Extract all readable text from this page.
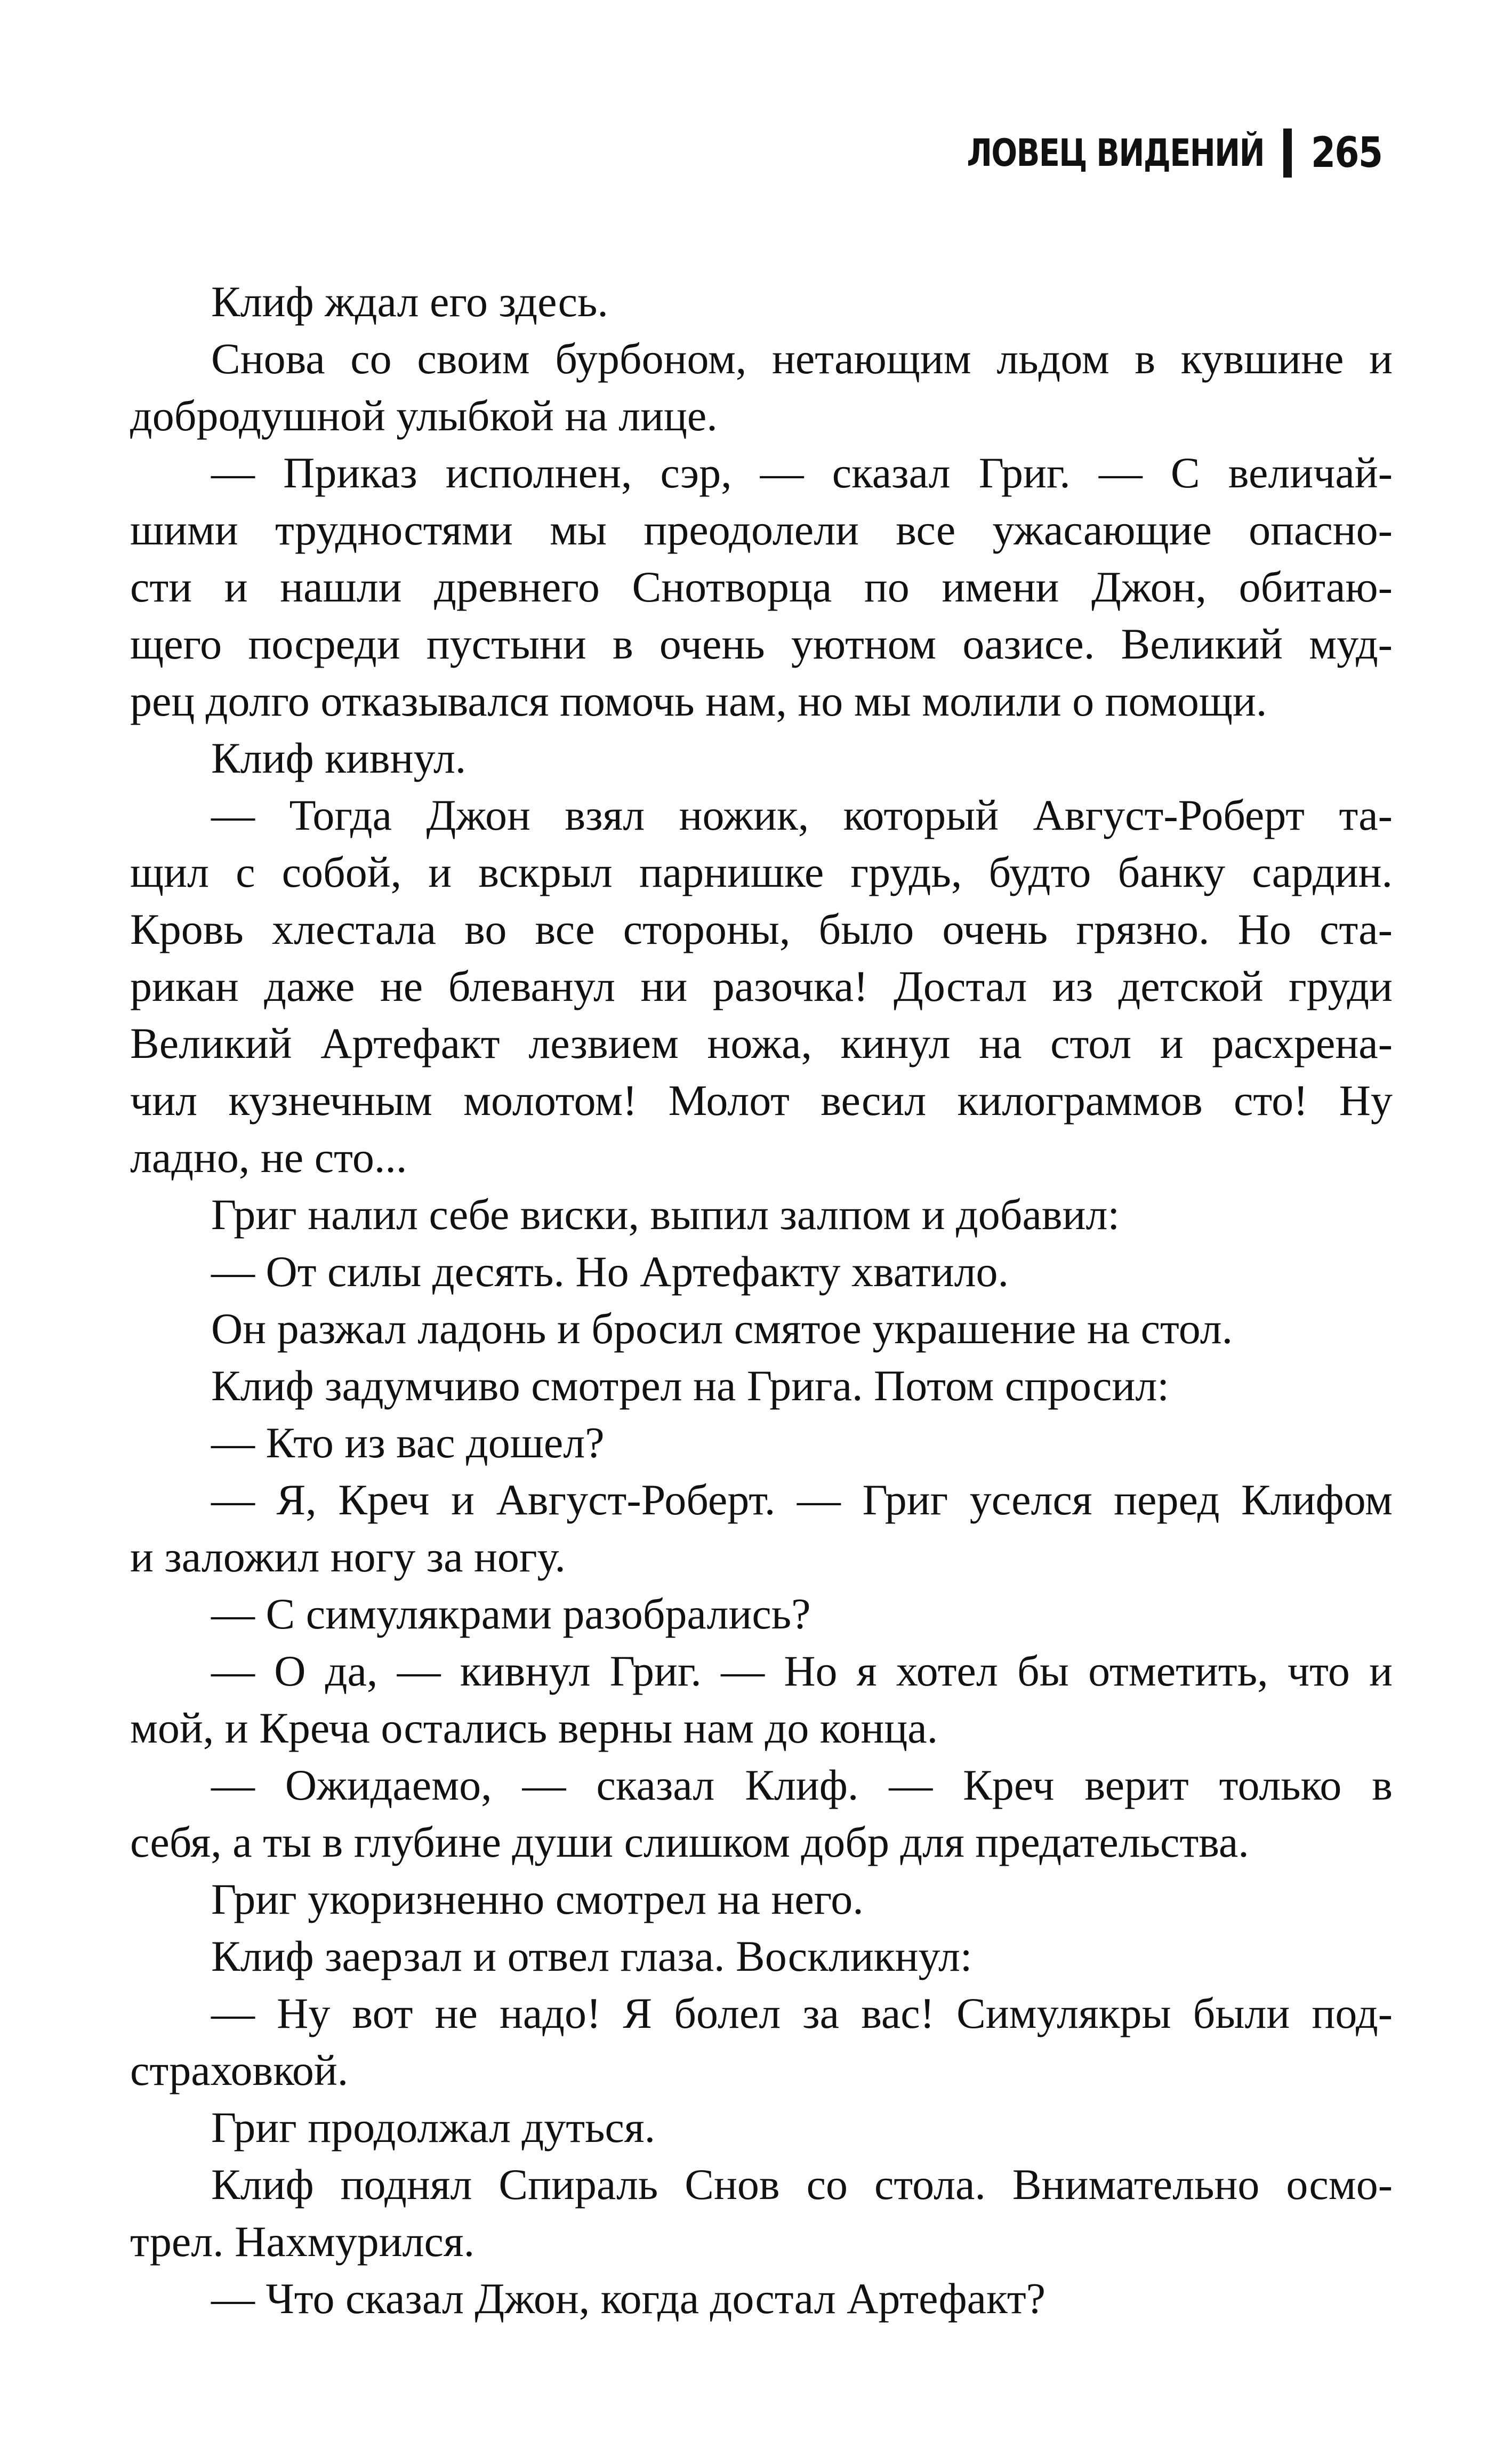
ЛОВЕЦ ВИДЕНИЙ 265
Клиф ждал его здесь.
Снова со своим бурбоном, нетающим льдом в кувшине и
добродушной улыбкой на лице.
— Приказ исполнен, сэр, — сказал Григ. — С величай-
шими трудностями мы преодолели все ужасающие опасно-
сти и нашли древнего Снотворца по имени Джон, обитаю-
щего посреди пустыни в очень уютном оазисе. Великий муд-
рец долго отказывался помочь нам, но мы молили о помощи.
Клиф кивнул.
— Тогда Джон взял ножик, который Август-Роберт та-
щил с собой, и вскрыл парнишке грудь, будто банку сардин.
Кровь хлестала во все стороны, было очень грязно. Но ста-
рикан даже не блеванул ни разочка! Достал из детской груди
Великий Артефакт лезвием ножа, кинул на стол и расхрена-
чил кузнечным молотом! Молот весил килограммов сто! Ну
ладно, не сто...
Григ налил себе виски, выпил залпом и добавил:
— От силы десять. Но Артефакту хватило.
Он разжал ладонь и бросил смятое украшение на стол.
Клиф задумчиво смотрел на Грига. Потом спросил:
— Кто из вас дошел?
— Я, Креч и Август-Роберт. — Григ уселся перед Клифом
и заложил ногу за ногу.
— С симулякрами разобрались?
— О да, — кивнул Григ. — Но я хотел бы отметить, что и
мой, и Креча остались верны нам до конца.
— Ожидаемо, — сказал Клиф. — Креч верит только в
себя, а ты в глубине души слишком добр для предательства.
Григ укоризненно смотрел на него.
Клиф заерзал и отвел глаза. Воскликнул:
— Ну вот не надо! Я болел за вас! Симулякры были под-
страховкой.
Григ продолжал дуться.
Клиф поднял Спираль Снов со стола. Внимательно осмо-
трел. Нахмурился.
— Что сказал Джон, когда достал Артефакт?
